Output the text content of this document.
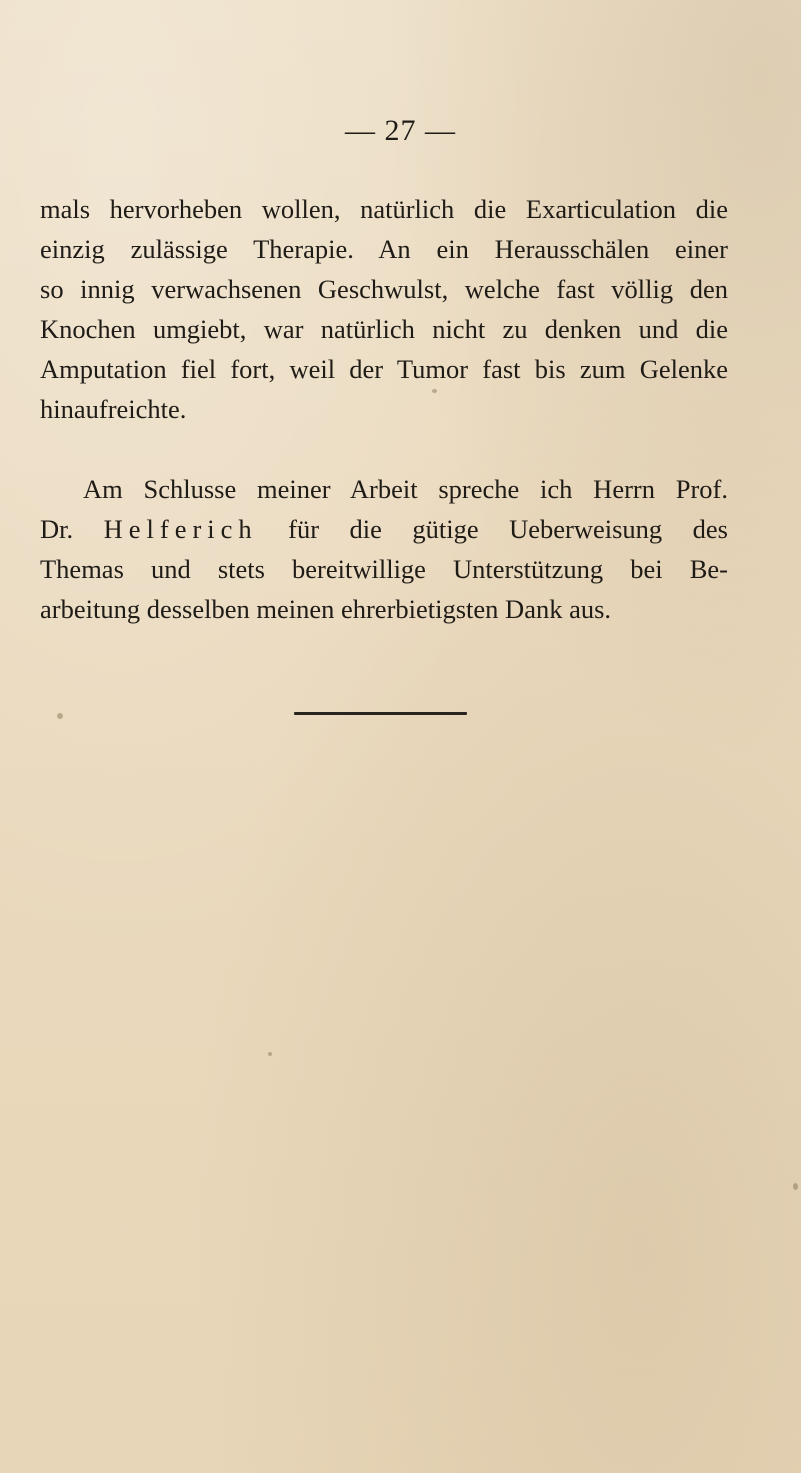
— 27 —

mals hervorheben wollen, natürlich die Exarticulation die
einzig zulässige Therapie. An ein Herausschälen einer
so innig verwachsenen Geschwulst, welche fast völlig den
Knochen umgiebt, war natürlich nicht zu denken und die
Amputation fiel fort, weil der Tumor fast bis zum Gelenke
hinaufreichte.

Am Schlusse meiner Arbeit spreche ich Herrn Prof.
Dr. Helferich für die gütige Ueberweisung des
Themas und stets bereitwillige Unterstützung bei Be-
arbeitung desselben meinen ehrerbietigsten Dank aus.
